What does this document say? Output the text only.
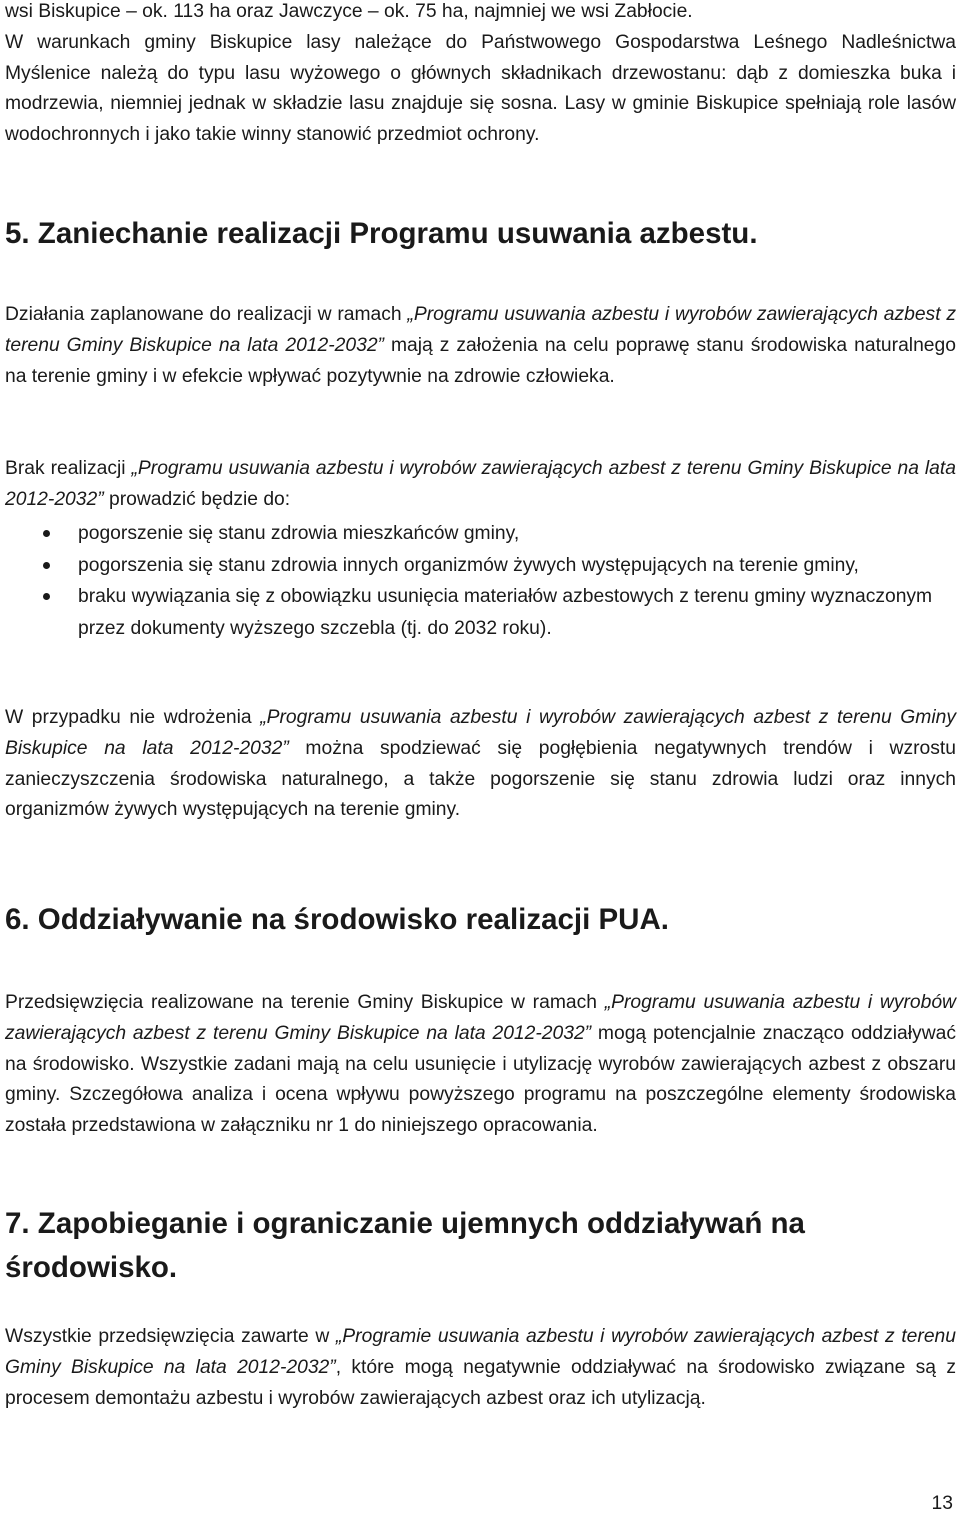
wsi Biskupice – ok. 113 ha oraz Jawczyce – ok. 75 ha, najmniej we wsi Zabłocie.

W warunkach gminy Biskupice lasy należące do Państwowego Gospodarstwa Leśnego Nadleśnictwa Myślenice należą do typu lasu wyżowego o głównych składnikach drzewostanu: dąb z domieszka buka i modrzewia, niemniej jednak w składzie lasu znajduje się sosna. Lasy w gminie Biskupice spełniają role lasów wodochronnych i jako takie winny stanowić przedmiot ochrony.

5. Zaniechanie realizacji Programu usuwania azbestu.

Działania zaplanowane do realizacji w ramach „Programu usuwania azbestu i wyrobów zawierających azbest z terenu Gminy Biskupice na lata 2012-2032” mają z założenia na celu poprawę stanu środowiska naturalnego na terenie gminy i w efekcie wpływać pozytywnie na zdrowie człowieka.

Brak realizacji „Programu usuwania azbestu i wyrobów zawierających azbest z terenu Gminy Biskupice na lata 2012-2032” prowadzić będzie do:

pogorszenie się stanu zdrowia mieszkańców gminy,
pogorszenia się stanu zdrowia innych organizmów żywych występujących na terenie gminy,
braku wywiązania się z obowiązku usunięcia materiałów azbestowych z terenu gminy wyznaczonym przez dokumenty wyższego szczebla (tj. do 2032 roku).

W przypadku nie wdrożenia „Programu usuwania azbestu i wyrobów zawierających azbest z terenu Gminy Biskupice na lata 2012-2032” można spodziewać się pogłębienia negatywnych trendów i wzrostu zanieczyszczenia środowiska naturalnego, a także pogorszenie się stanu zdrowia ludzi oraz innych organizmów żywych występujących na terenie gminy.

6. Oddziaływanie na środowisko realizacji PUA.

Przedsięwzięcia realizowane na terenie Gminy Biskupice w ramach „Programu usuwania azbestu i wyrobów zawierających azbest z terenu Gminy Biskupice na lata 2012-2032” mogą potencjalnie znacząco oddziaływać na środowisko. Wszystkie zadani mają na celu usunięcie i utylizację wyrobów zawierających azbest z obszaru gminy. Szczegółowa analiza i ocena wpływu powyższego programu na poszczególne elementy środowiska została przedstawiona w załączniku nr 1 do niniejszego opracowania.

7. Zapobieganie i ograniczanie ujemnych oddziaływań na środowisko.

Wszystkie przedsięwzięcia zawarte w „Programie usuwania azbestu i wyrobów zawierających azbest z terenu Gminy Biskupice na lata 2012-2032”, które mogą negatywnie oddziaływać na środowisko związane są z procesem demontażu azbestu i wyrobów zawierających azbest oraz ich utylizacją.

13
